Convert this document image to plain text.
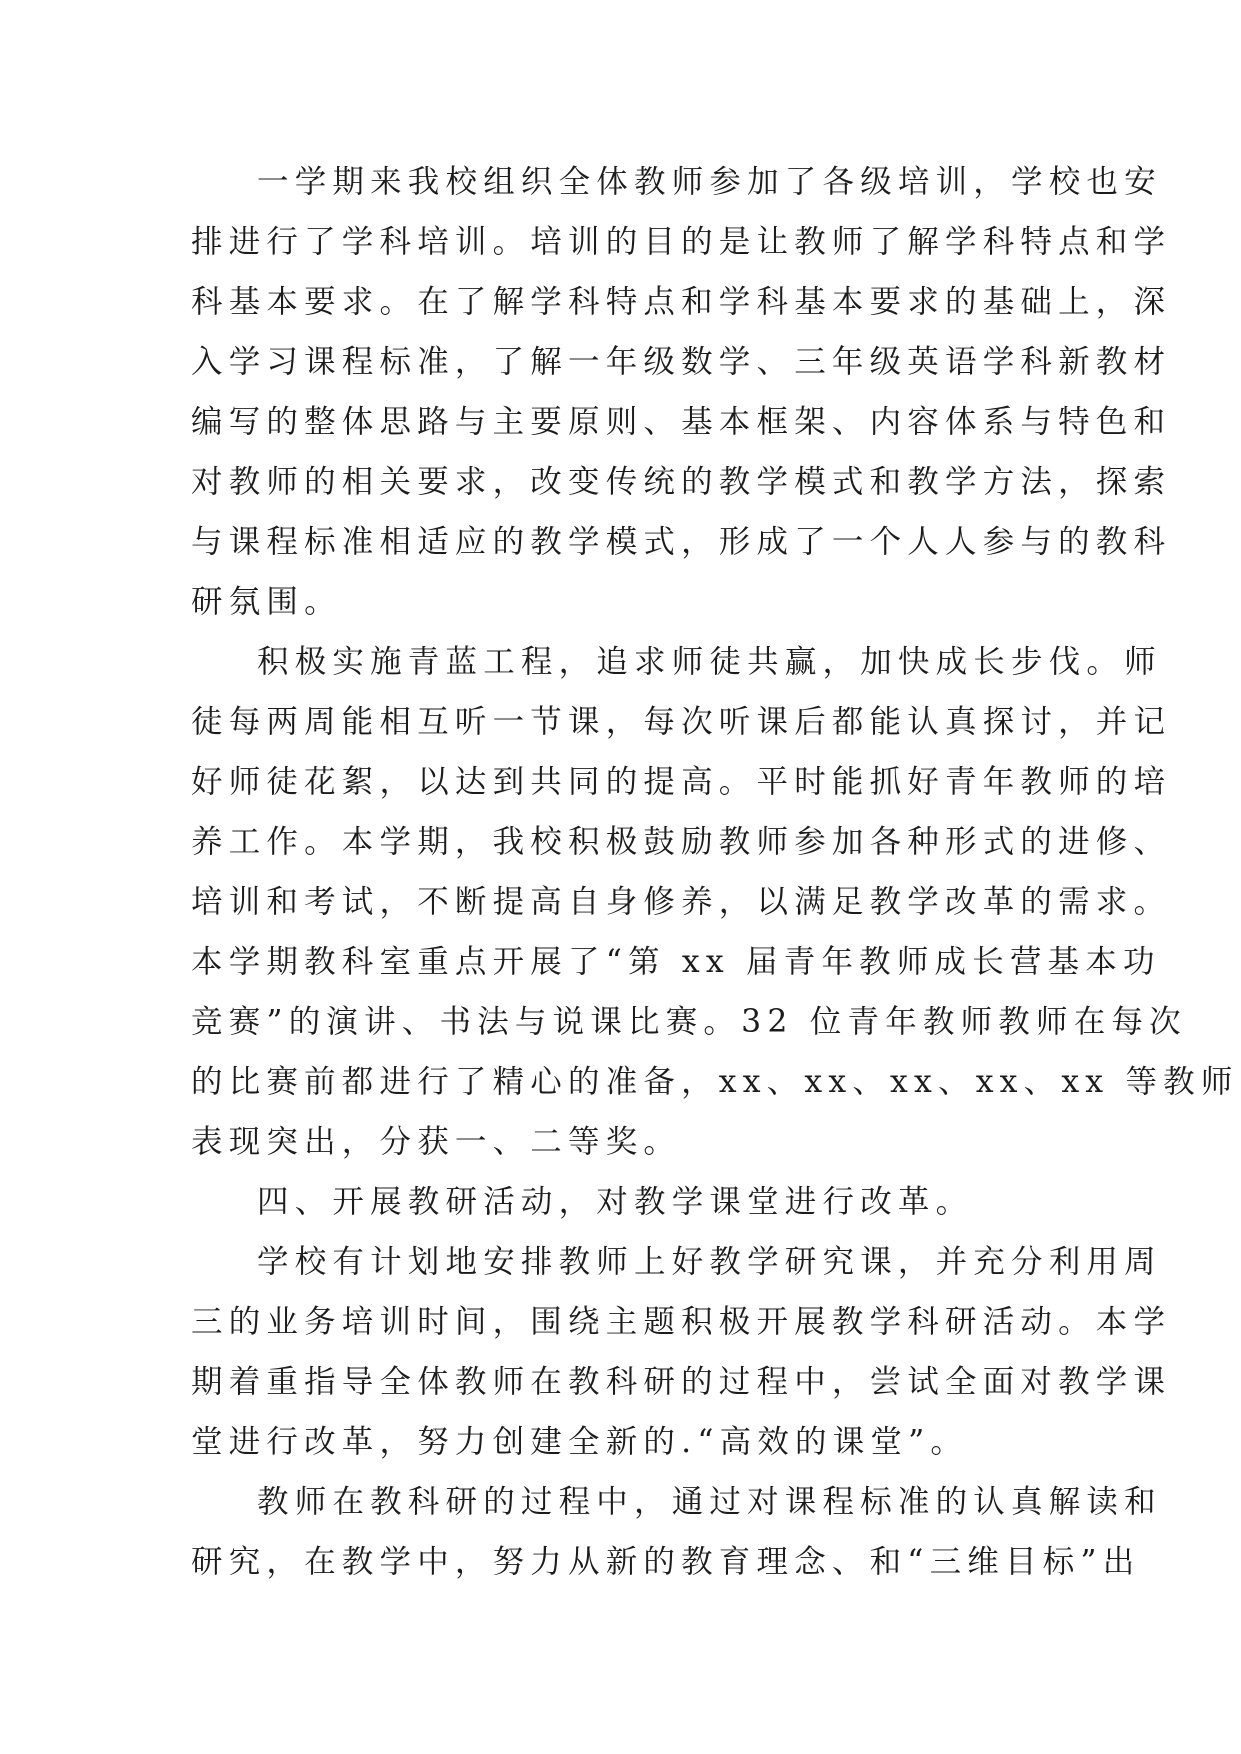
一学期来我校组织全体教师参加了各级培训，学校也安
排进行了学科培训。培训的目的是让教师了解学科特点和学
科基本要求。在了解学科特点和学科基本要求的基础上，深
入学习课程标准，了解一年级数学、三年级英语学科新教材
编写的整体思路与主要原则、基本框架、内容体系与特色和
对教师的相关要求，改变传统的教学模式和教学方法，探索
与课程标准相适应的教学模式，形成了一个人人参与的教科
研氛围。
积极实施青蓝工程，追求师徒共赢，加快成长步伐。师
徒每两周能相互听一节课，每次听课后都能认真探讨，并记
好师徒花絮，以达到共同的提高。平时能抓好青年教师的培
养工作。本学期，我校积极鼓励教师参加各种形式的进修、
培训和考试，不断提高自身修养，以满足教学改革的需求。
本学期教科室重点开展了“第 xx 届青年教师成长营基本功
竞赛”的演讲、书法与说课比赛。32 位青年教师教师在每次
的比赛前都进行了精心的准备，xx、xx、xx、xx、xx 等教师
表现突出，分获一、二等奖。
四、开展教研活动，对教学课堂进行改革。
学校有计划地安排教师上好教学研究课，并充分利用周
三的业务培训时间，围绕主题积极开展教学科研活动。本学
期着重指导全体教师在教科研的过程中，尝试全面对教学课
堂进行改革，努力创建全新的.“高效的课堂”。
教师在教科研的过程中，通过对课程标准的认真解读和
研究，在教学中，努力从新的教育理念、和“三维目标”出
